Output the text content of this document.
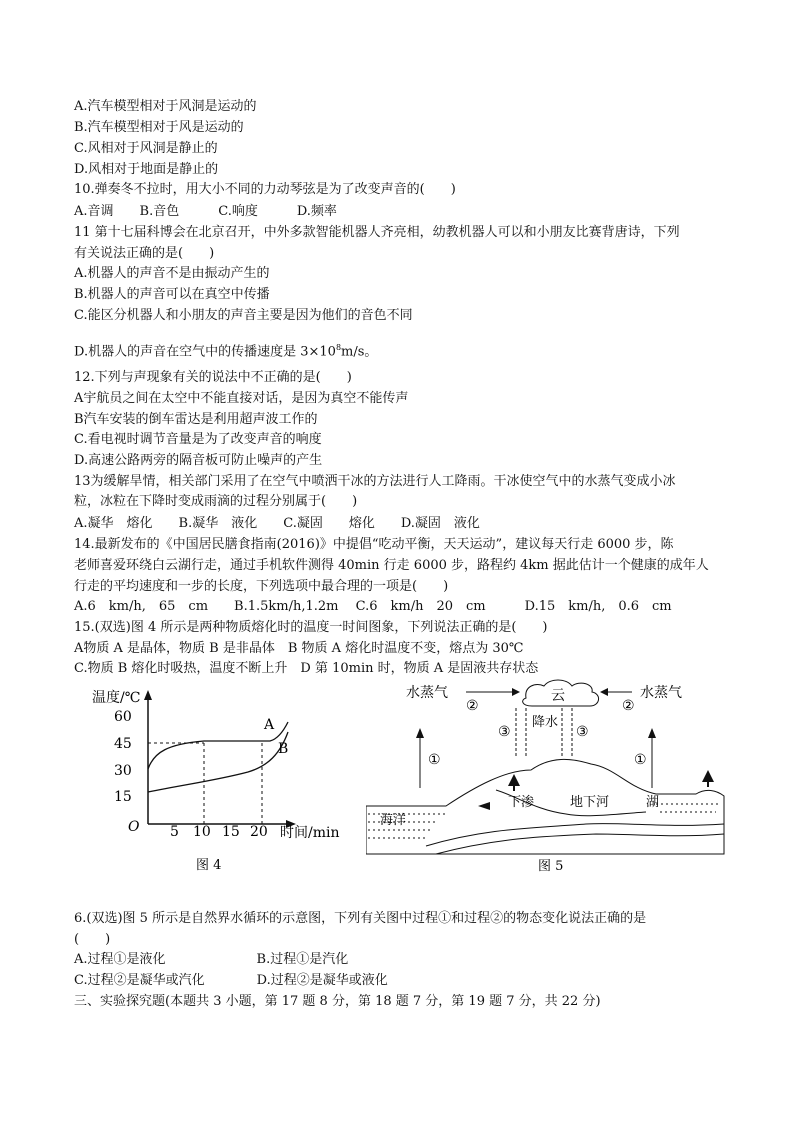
A.汽车模型相对于风洞是运动的
B.汽车模型相对于风是运动的
C.风相对于风洞是静止的
D.风相对于地面是静止的
10.弹奏冬不拉时，用大小不同的力动琴弦是为了改变声音的(　　)
A.音调　　B.音色　　　C.响度　　　D.频率
11 第十七届科博会在北京召开，中外多款智能机器人齐亮相，幼教机器人可以和小朋友比赛背唐诗，下列
有关说法正确的是(　　)
A.机器人的声音不是由振动产生的
B.机器人的声音可以在真空中传播
C.能区分机器人和小朋友的声音主要是因为他们的音色不同
12.下列与声现象有关的说法中不正确的是(　　)
A宇航员之间在太空中不能直接对话，是因为真空不能传声
B汽车安装的倒车雷达是利用超声波工作的
C.看电视时调节音量是为了改变声音的响度
D.高速公路两旁的隔音板可防止噪声的产生
13为缓解旱情，相关部门采用了在空气中喷洒干冰的方法进行人工降雨。干冰使空气中的水蒸气变成小冰
粒，冰粒在下降时变成雨滴的过程分别属于(　　)
A.凝华　熔化　　B.凝华　液化　　C.凝固　　熔化　　D.凝固　液化
14.最新发布的《中国居民膳食指南(2016)》中提倡“吃动平衡，天天运动”，建议每天行走 6000 步，陈
老师喜爱环绕白云湖行走，通过手机软件测得 40min 行走 6000 步，路程约 4km 据此估计一个健康的成年人
行走的平均速度和一步的长度，下列选项中最合理的一项是(　　)
A.6　km/h,　65　cm　　B.1.5km/h,1.2m　 C.6　km/h　20　cm　　　D.15　km/h,　0.6　cm
15.(双选)图 4 所示是两种物质熔化时的温度一时间图象，下列说法正确的是(　　)
A物质 A 是晶体，物质 B 是非晶体　B 物质 A 熔化时温度不变，熔点为 30℃
C.物质 B 熔化时吸热，温度不断上升　D 第 10min 时，物质 A 是固液共存状态
6.(双选)图 5 所示是自然界水循环的示意图，下列有关图中过程①和过程②的物态变化说法正确的是
(　　)
A.过程①是液化　　　　　　　B.过程①是汽化
C.过程②是凝华或汽化　　　　D.过程②是凝华或液化
三、实验探究题(本题共 3 小题，第 17 题 8 分，第 18 题 7 分，第 19 题 7 分，共 22 分)
D.机器人的声音在空气中的传播速度是 $3\times 10^8m/s$。
温度/℃
O
60
45
30
15
5 10 15 20 时间/min
A
B
图 4
水蒸气
②
云	水蒸气
②
①	①
③	③
降水
海洋
下渗	地下河	湖
图 5
